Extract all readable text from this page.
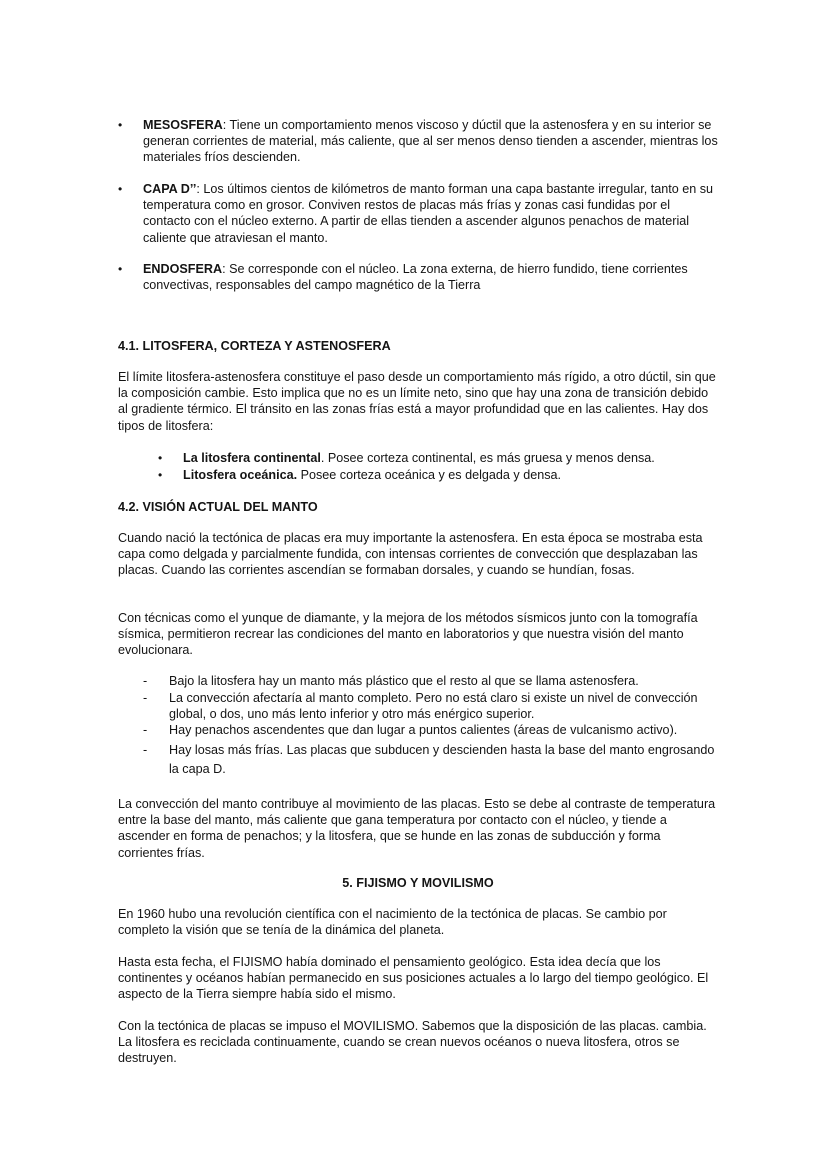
• MESOSFERA: Tiene un comportamiento menos viscoso y dúctil que la astenosfera y en su interior se generan corrientes de material, más caliente, que al ser menos denso tienden a ascender, mientras los materiales fríos descienden.
• CAPA D’’: Los últimos cientos de kilómetros de manto forman una capa bastante irregular, tanto en su temperatura como en grosor. Conviven restos de placas más frías y zonas casi fundidas por el contacto con el núcleo externo. A partir de ellas tienden a ascender algunos penachos de material caliente que atraviesan el manto.
• ENDOSFERA: Se corresponde con el núcleo. La zona externa, de hierro fundido, tiene corrientes convectivas, responsables del campo magnético de la Tierra
4.1. LITOSFERA, CORTEZA Y ASTENOSFERA
El límite litosfera-astenosfera constituye el paso desde un comportamiento más rígido, a otro dúctil, sin que la composición cambie. Esto implica que no es un límite neto, sino que hay una zona de transición debido al gradiente térmico. El tránsito en las zonas frías está a mayor profundidad que en las calientes. Hay dos tipos de litosfera:
• La litosfera continental. Posee corteza continental, es más gruesa y menos densa.
• Litosfera oceánica. Posee corteza oceánica y es delgada y densa.
4.2. VISIÓN ACTUAL DEL MANTO
Cuando nació la tectónica de placas era muy importante la astenosfera. En esta época se mostraba esta capa como delgada y parcialmente fundida, con intensas corrientes de convección que desplazaban las placas. Cuando las corrientes ascendían se formaban dorsales, y cuando se hundían, fosas.
Con técnicas como el yunque de diamante, y la mejora de los métodos sísmicos junto con la tomografía sísmica, permitieron recrear las condiciones del manto en laboratorios y que nuestra visión del manto evolucionara.
- Bajo la litosfera hay un manto más plástico que el resto al que se llama astenosfera.
- La convección afectaría al manto completo. Pero no está claro si existe un nivel de convección global, o dos, uno más lento inferior y otro más enérgico superior.
- Hay penachos ascendentes que dan lugar a puntos calientes (áreas de vulcanismo activo).
- Hay losas más frías. Las placas que subducen y descienden hasta la base del manto engrosando la capa D.
La convección del manto contribuye al movimiento de las placas. Esto se debe al contraste de temperatura entre la base del manto, más caliente que gana temperatura por contacto con el núcleo, y tiende a ascender en forma de penachos; y la litosfera, que se hunde en las zonas de subducción y forma corrientes frías.
5. FIJISMO Y MOVILISMO
En 1960 hubo una revolución científica con el nacimiento de la tectónica de placas. Se cambio por completo la visión que se tenía de la dinámica del planeta.
Hasta esta fecha, el FIJISMO había dominado el pensamiento geológico. Esta idea decía que los continentes y océanos habían permanecido en sus posiciones actuales a lo largo del tiempo geológico. El aspecto de la Tierra siempre había sido el mismo.
Con la tectónica de placas se impuso el MOVILISMO. Sabemos que la disposición de las placas. cambia. La litosfera es reciclada continuamente, cuando se crean nuevos océanos o nueva litosfera, otros se destruyen.
